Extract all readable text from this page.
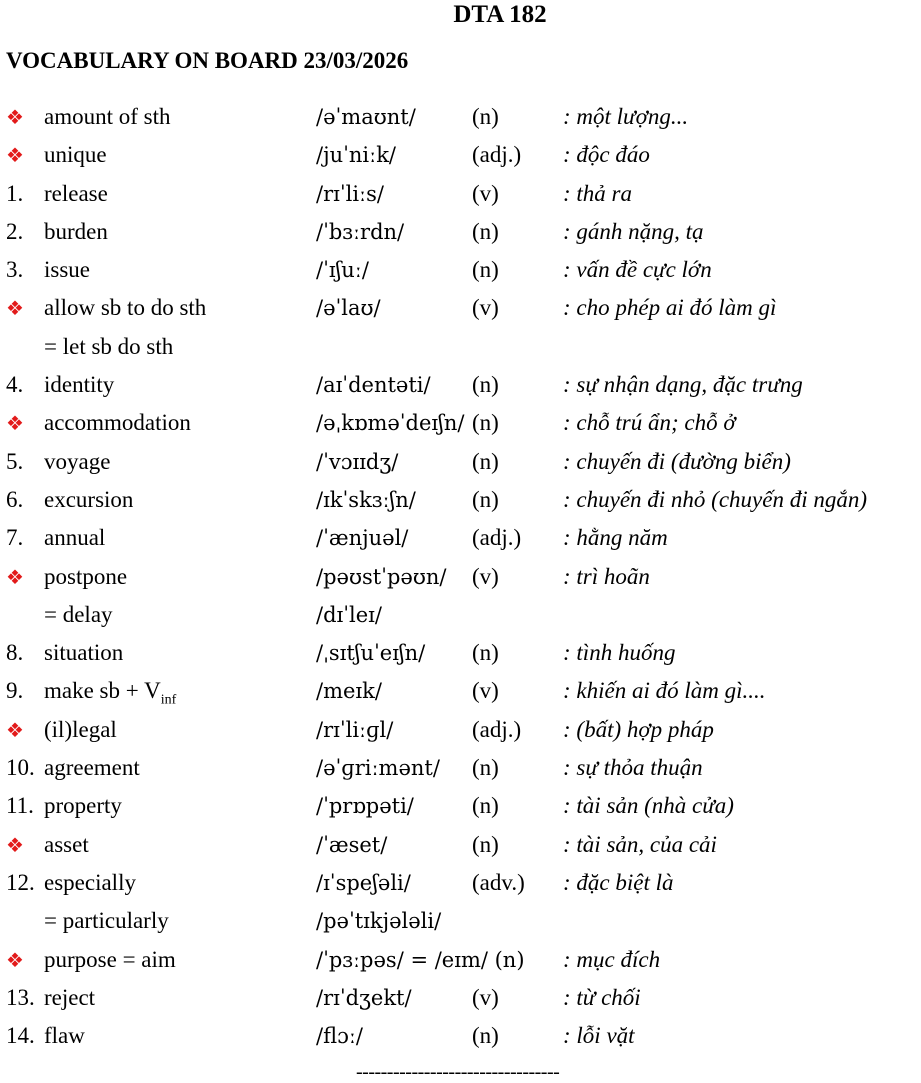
DTA 182
VOCABULARY ON BOARD 23/03/2026
❖ amount of sth	/əˈmaʊnt/ (n)	: một lượng...
❖ unique	/juˈniːk/	(adj.) : độc đáo
1. release	/rɪˈliːs/	(v)	: thả ra
2. burden	/ˈbɜːrdn/	(n)	: gánh nặng, tạ
3. issue	/ˈɪʃuː/	(n)	: vấn đề cực lớn
❖ allow sb to do sth	/əˈlaʊ/	(v)	: cho phép ai đó làm gì
= let sb do sth
4. identity	/aɪˈdentəti/ (n)	: sự nhận dạng, đặc trưng
❖ accommodation	/əˌkɒməˈdeɪʃn/ (n)	: chỗ trú ẩn; chỗ ở
5. voyage	/ˈvɔɪɪdʒ/	(n)	: chuyến đi (đường biển)
6. excursion	/ɪkˈskɜːʃn/ (n)	: chuyến đi nhỏ (chuyến đi ngắn)
7. annual	/ˈænjuəl/	(adj.) : hằng năm
❖ postpone	/pəʊstˈpəʊn/ (v)	: trì hoãn
= delay	/dɪˈleɪ/
8. situation	/ˌsɪtʃuˈeɪʃn/ (n)	: tình huống
9. make sb + $V_{inf}$	/meɪk/	(v)	: khiến ai đó làm gì....
❖ (il)legal	/rɪˈliːɡl/	(adj.) : (bất) hợp pháp
10. agreement	/əˈɡriːmənt/ (n)	: sự thỏa thuận
11. property	/ˈprɒpəti/	(n)	: tài sản (nhà cửa)
❖ asset	/ˈæset/	(n)	: tài sản, của cải
12. especially	/ɪˈspeʃəli/	(adv.) : đặc biệt là
= particularly	/pəˈtɪkjələli/
❖ purpose = aim	/ˈpɜːpəs/ = /eɪm/ (n) : mục đích
13. reject	/rɪˈdʒekt/	(v)	: từ chối
14. flaw	/flɔː/	(n)	: lỗi vặt
---------------------------------
